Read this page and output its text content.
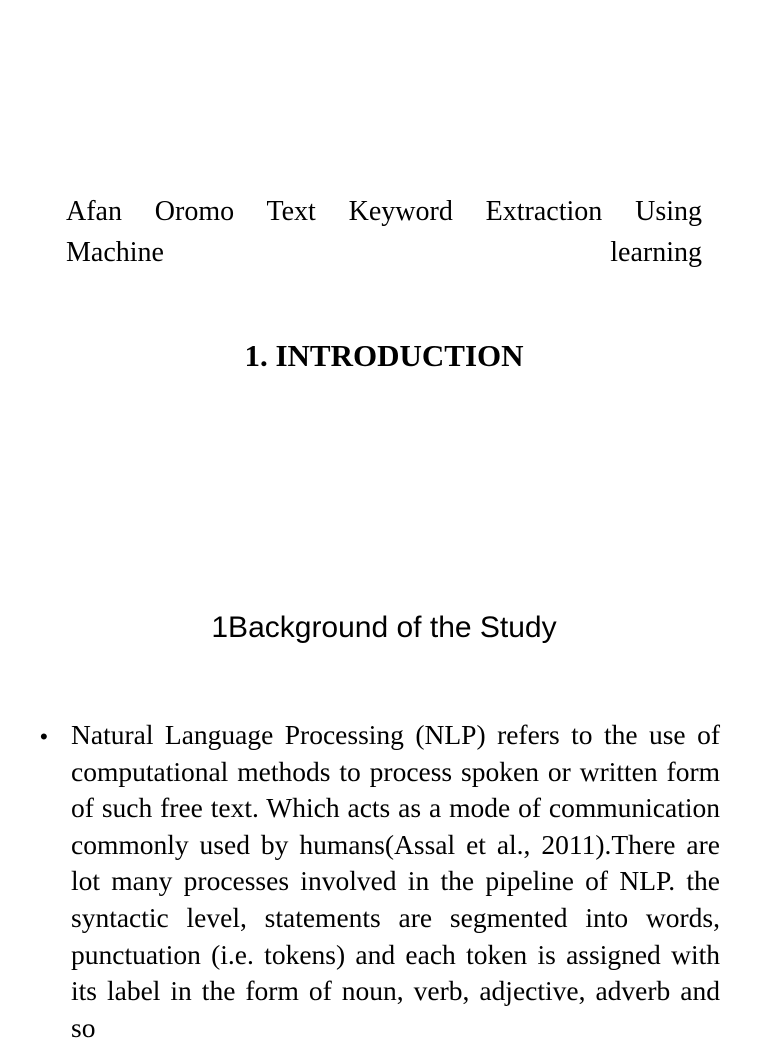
Afan Oromo Text Keyword Extraction Using
Machine learning
1. INTRODUCTION
1Background of the Study
• Natural Language Processing (NLP) refers to the use of computational methods to process spoken or written form of such free text. Which acts as a mode of communication commonly used by humans(Assal et al., 2011).There are lot many processes involved in the pipeline of NLP. the syntactic level, statements are segmented into words, punctuation (i.e. tokens) and each token is assigned with its label in the form of noun, verb, adjective, adverb and so
